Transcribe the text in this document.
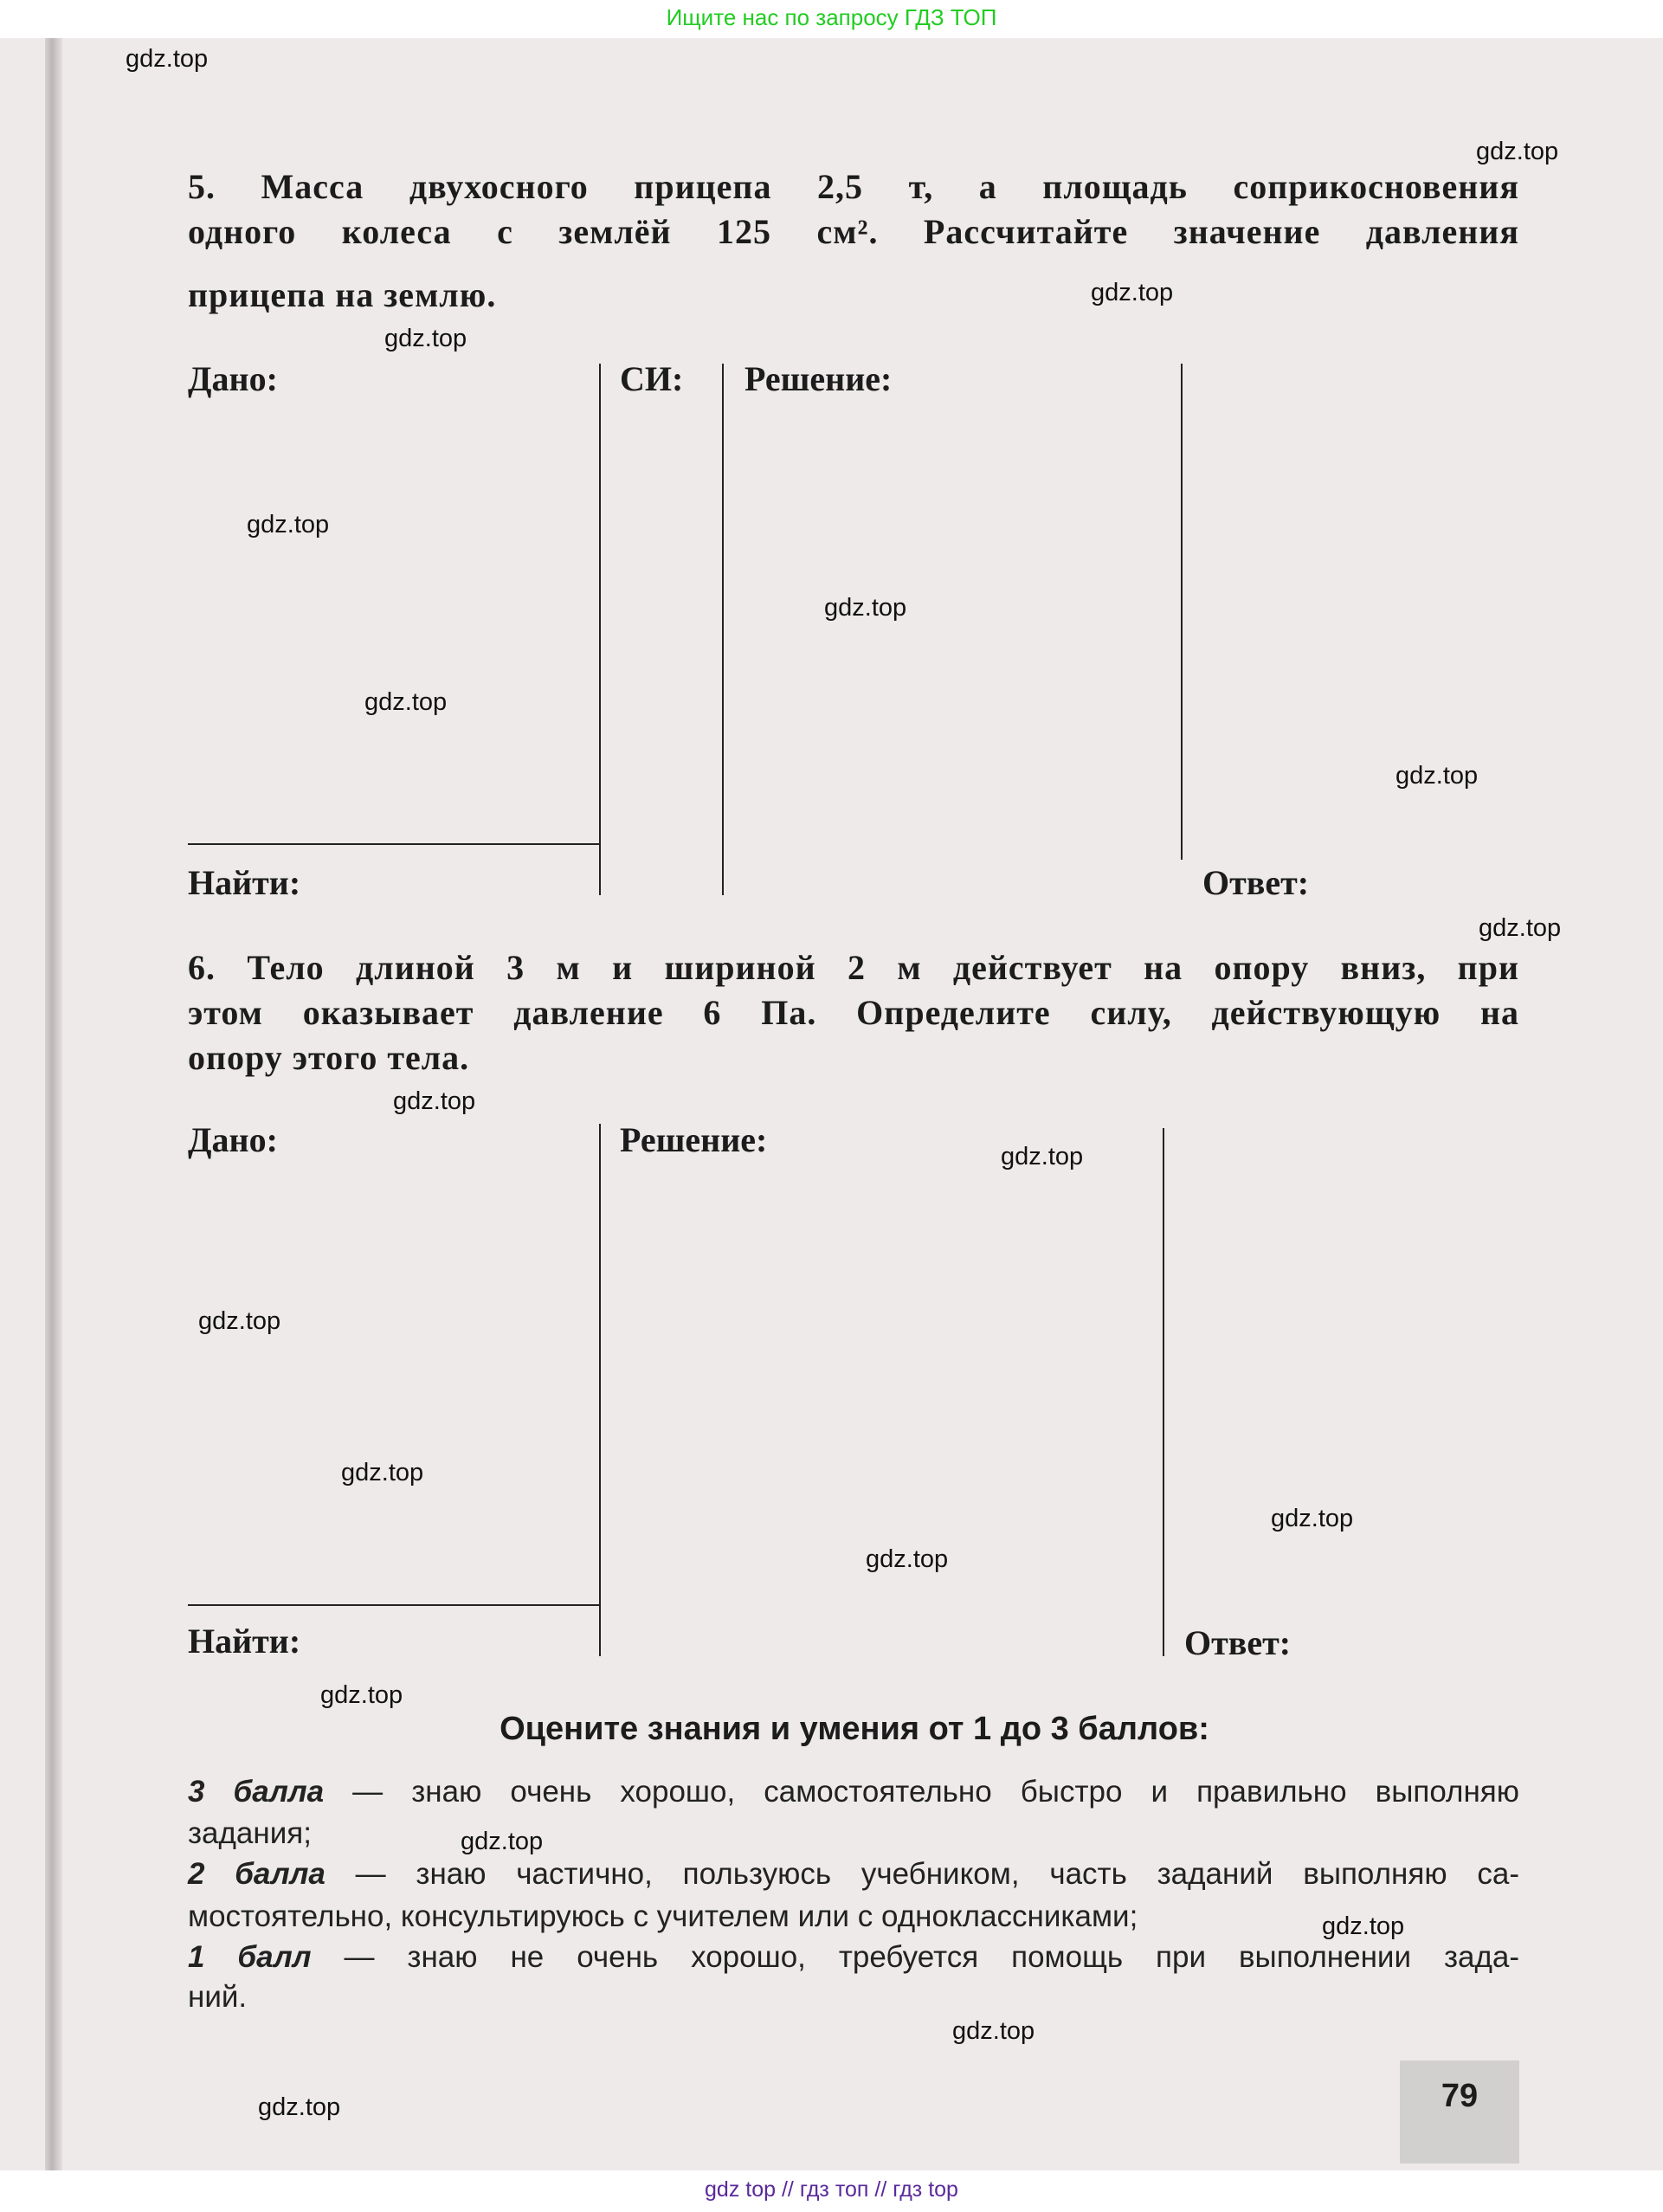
Ищите нас по запросу ГДЗ ТОП
5. Масса двухосного прицепа 2,5 т, а площадь соприкосновения
одного колеса с землёй 125 см². Рассчитайте значение давления
прицепа на землю.
Дано:	СИ: Решение:
Найти:	Ответ:
6. Тело длиной 3 м и шириной 2 м действует на опору вниз, при
этом оказывает давление 6 Па. Определите силу, действующую на
опору этого тела.
Дано:	Решение:
Найти:	Ответ:
Оцените знания и умения от 1 до 3 баллов:
3 балла — знаю очень хорошо, самостоятельно быстро и правильно выполняю
задания;
2 балла — знаю частично, пользуюсь учебником, часть заданий выполняю са-
мостоятельно, консультируюсь с учителем или с одноклассниками;
1 балл — знаю не очень хорошо, требуется помощь при выполнении зада-
ний.
79
gdz.top
gdz.top
gdz.top
gdz.top
gdz.top
gdz.top
gdz.top
gdz.top
gdz.top
gdz.top
gdz.top
gdz.top
gdz.top
gdz.top
gdz.top
gdz.top
gdz.top
gdz.top
gdz.top
gdz.top
gdz top // гдз топ // гдз top
